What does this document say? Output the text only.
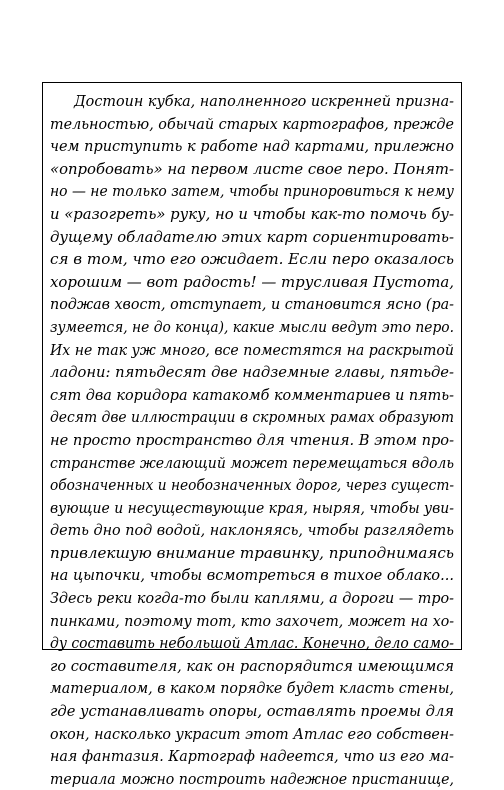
Достоин кубка, наполненного искренней призна-
тельностью, обычай старых картографов, прежде
чем приступить к работе над картами, прилежно
«опробовать» на первом листе свое перо. Понят-
но — не только затем, чтобы приноровиться к нему
и «разогреть» руку, но и чтобы как-то помочь бу-
дущему обладателю этих карт сориентировать-
ся в том, что его ожидает. Если перо оказалось
хорошим — вот радость! — трусливая Пустота,
поджав хвост, отступает, и становится ясно (ра-
зумеется, не до конца), какие мысли ведут это перо.
Их не так уж много, все поместятся на раскрытой
ладони: пятьдесят две надземные главы, пятьде-
сят два коридора катакомб комментариев и пять-
десят две иллюстрации в скромных рамах образуют
не просто пространство для чтения. В этом про-
странстве желающий может перемещаться вдоль
обозначенных и необозначенных дорог, через сущест-
вующие и несуществующие края, ныряя, чтобы уви-
деть дно под водой, наклоняясь, чтобы разглядеть
привлекшую внимание травинку, приподнимаясь
на цыпочки, чтобы всмотреться в тихое облако...
Здесь реки когда-то были каплями, а дороги — тро-
пинками, поэтому тот, кто захочет, может на хо-
ду составить небольшой Атлас. Конечно, дело само-
го составителя, как он распорядится имеющимся
материалом, в каком порядке будет класть стены,
где устанавливать опоры, оставлять проемы для
окон, насколько украсит этот Атлас его собствен-
ная фантазия. Картограф надеется, что из его ма-
териала можно построить надежное пристанище,
